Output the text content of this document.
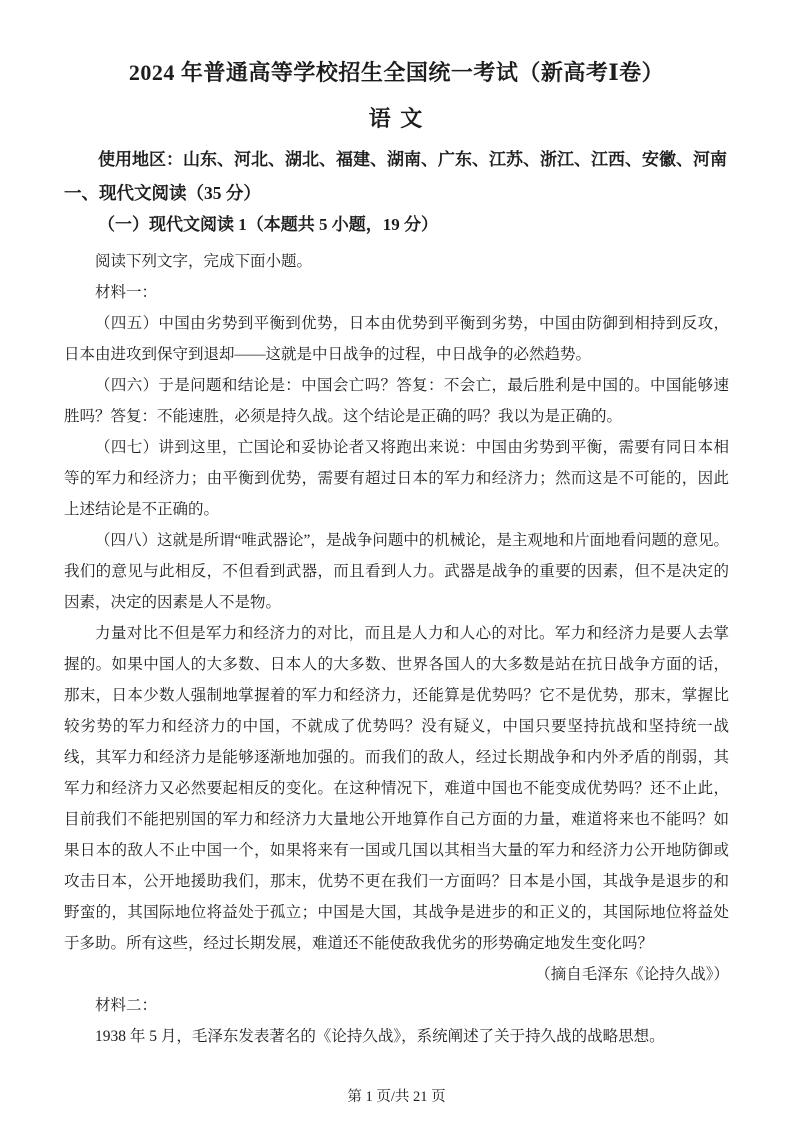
2024 年普通高等学校招生全国统一考试（新高考Ⅰ卷）
语 文

使用地区：山东、河北、湖北、福建、湖南、广东、江苏、浙江、江西、安徽、河南

一、现代文阅读（35 分）

（一）现代文阅读 1（本题共 5 小题，19 分）

阅读下列文字，完成下面小题。

材料一：

（四五）中国由劣势到平衡到优势，日本由优势到平衡到劣势，中国由防御到相持到反攻，日本由进攻到保守到退却——这就是中日战争的过程，中日战争的必然趋势。

（四六）于是问题和结论是：中国会亡吗？答复：不会亡，最后胜利是中国的。中国能够速胜吗？答复：不能速胜，必须是持久战。这个结论是正确的吗？我以为是正确的。

（四七）讲到这里，亡国论和妥协论者又将跑出来说：中国由劣势到平衡，需要有同日本相等的军力和经济力；由平衡到优势，需要有超过日本的军力和经济力；然而这是不可能的，因此上述结论是不正确的。

（四八）这就是所谓“唯武器论”，是战争问题中的机械论，是主观地和片面地看问题的意见。我们的意见与此相反，不但看到武器，而且看到人力。武器是战争的重要的因素，但不是决定的因素，决定的因素是人不是物。

力量对比不但是军力和经济力的对比，而且是人力和人心的对比。军力和经济力是要人去掌握的。如果中国人的大多数、日本人的大多数、世界各国人的大多数是站在抗日战争方面的话，那末，日本少数人强制地掌握着的军力和经济力，还能算是优势吗？它不是优势，那末，掌握比较劣势的军力和经济力的中国，不就成了优势吗？没有疑义，中国只要坚持抗战和坚持统一战线，其军力和经济力是能够逐渐地加强的。而我们的敌人，经过长期战争和内外矛盾的削弱，其军力和经济力又必然要起相反的变化。在这种情况下，难道中国也不能变成优势吗？还不止此，目前我们不能把别国的军力和经济力大量地公开地算作自己方面的力量，难道将来也不能吗？如果日本的敌人不止中国一个，如果将来有一国或几国以其相当大量的军力和经济力公开地防御或攻击日本，公开地援助我们，那末，优势不更在我们一方面吗？日本是小国，其战争是退步的和野蛮的，其国际地位将益处于孤立；中国是大国，其战争是进步的和正义的，其国际地位将益处于多助。所有这些，经过长期发展，难道还不能使敌我优劣的形势确定地发生变化吗？

（摘自毛泽东《论持久战》）

材料二：

1938 年 5 月，毛泽东发表著名的《论持久战》，系统阐述了关于持久战的战略思想。

第 1 页/共 21 页
